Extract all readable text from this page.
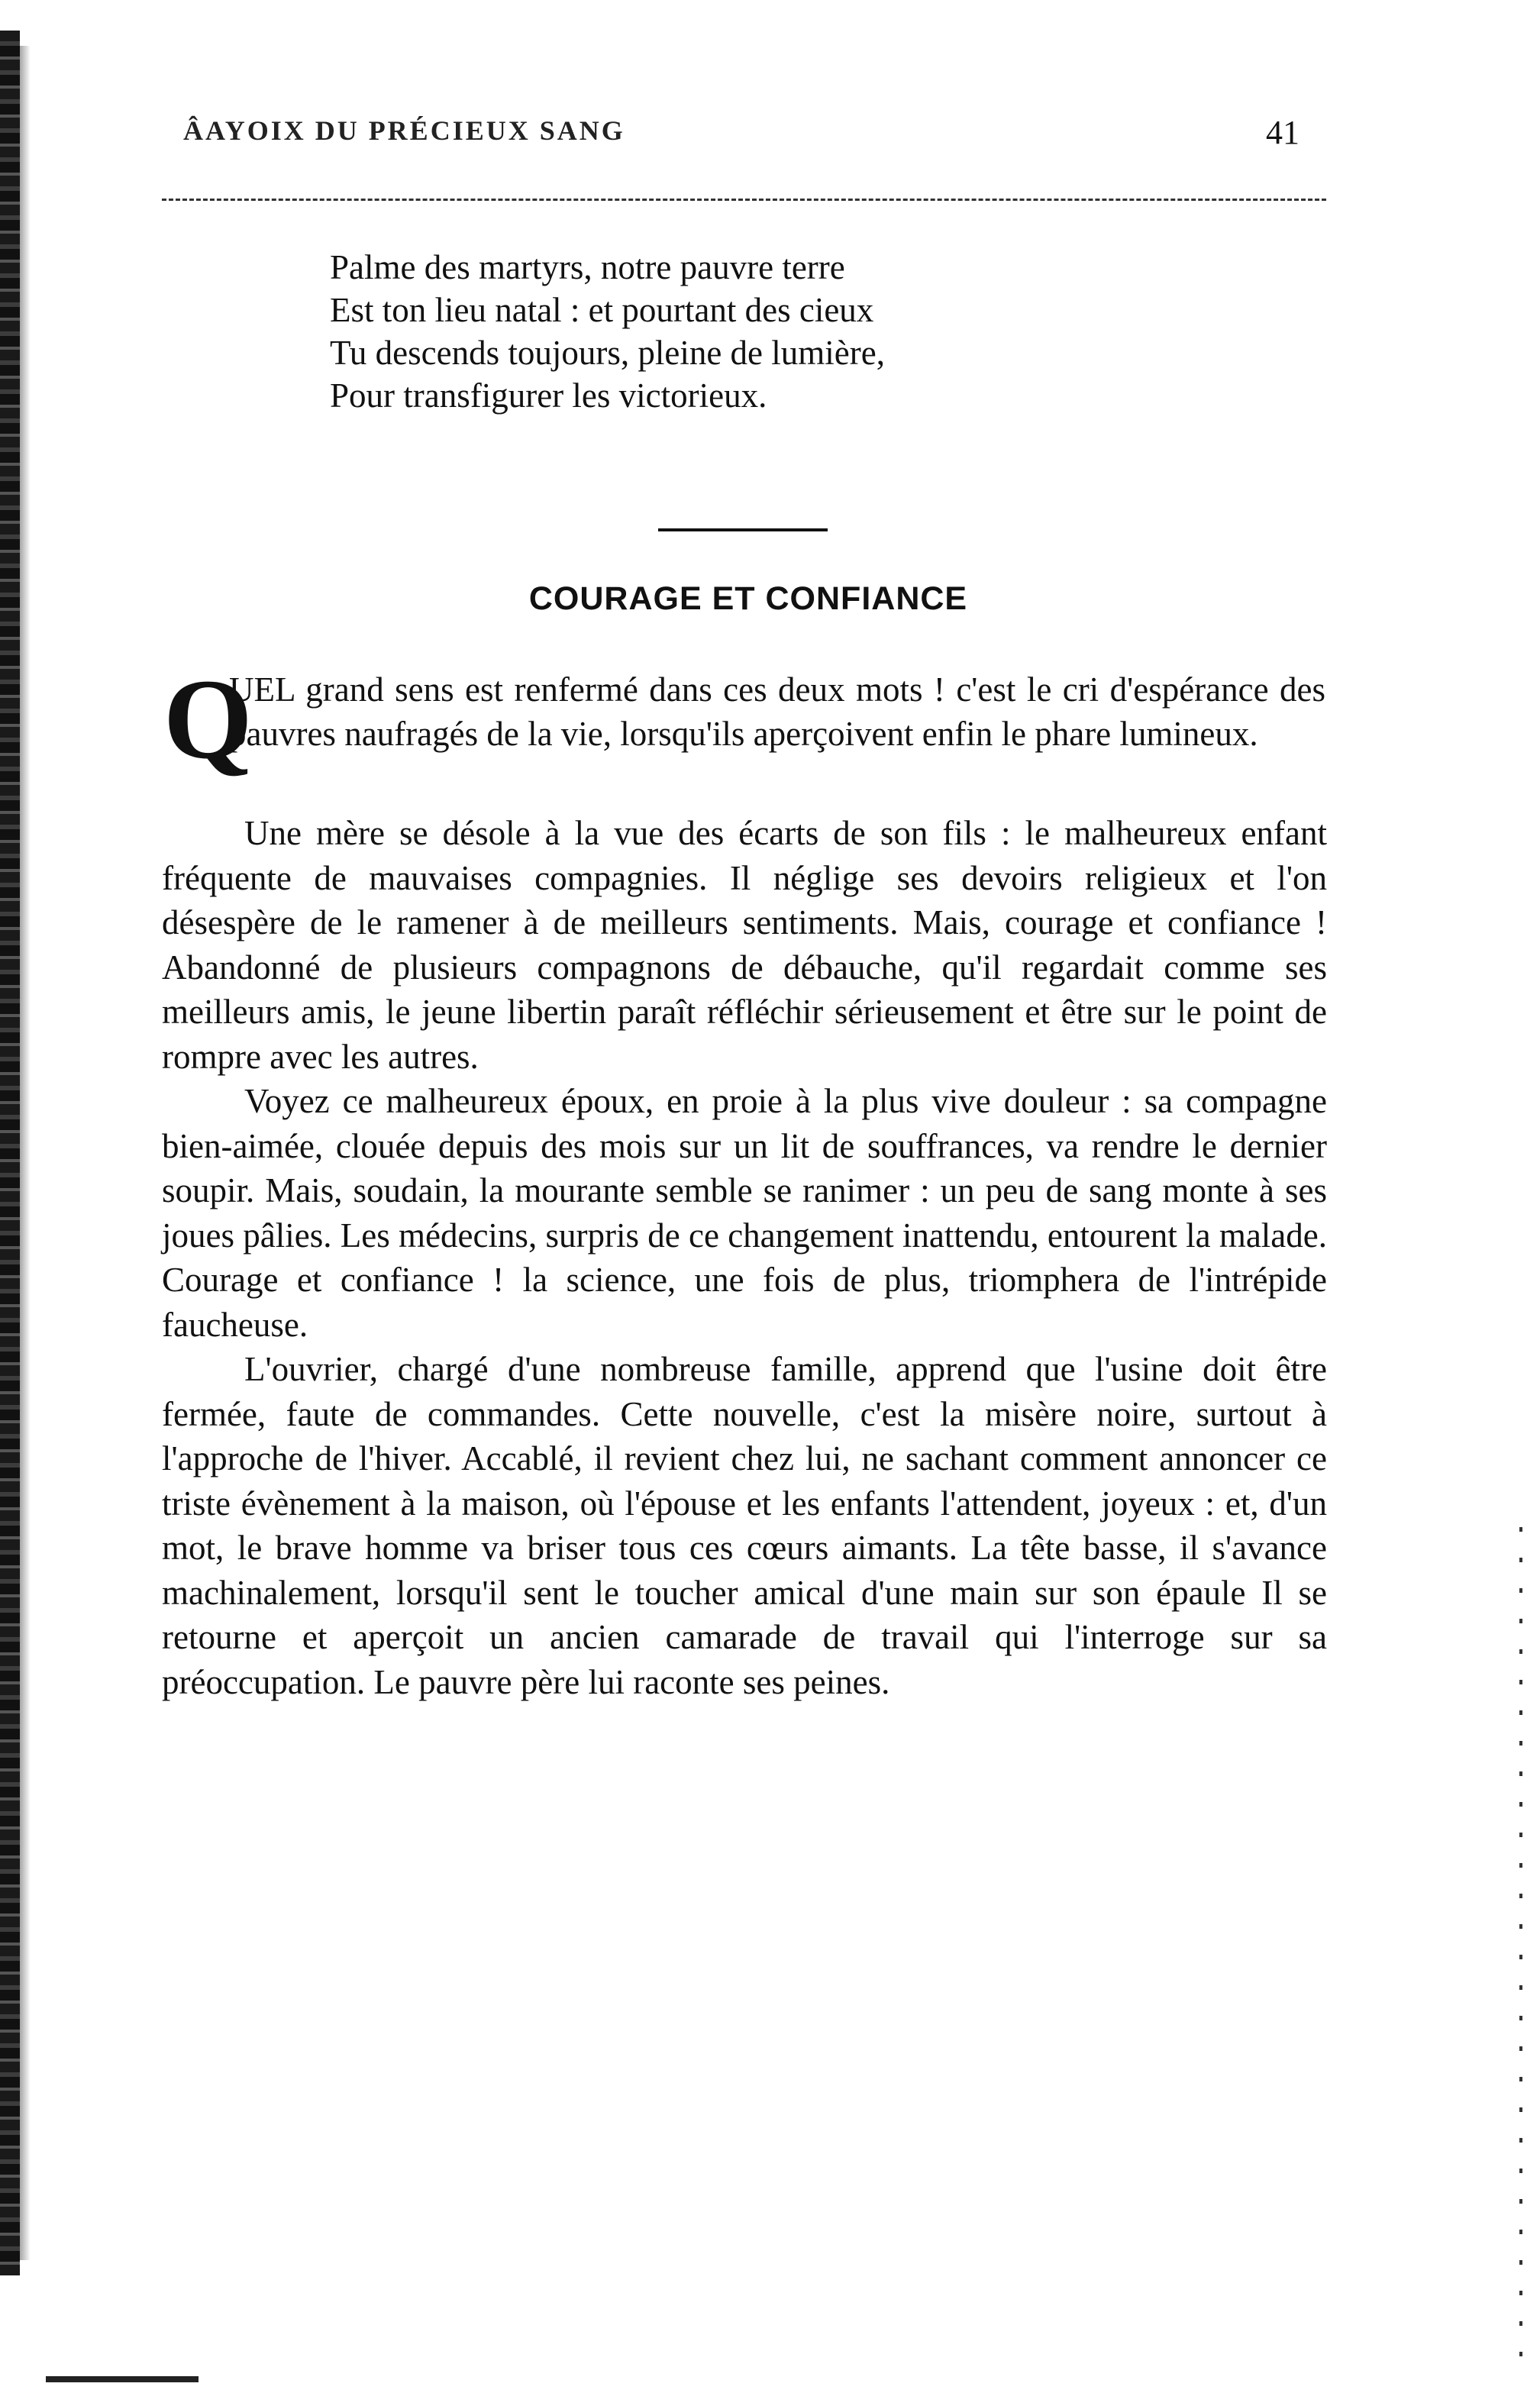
ÂAYOIX DU PRÉCIEUX SANG	41
Palme des martyrs, notre pauvre terre
Est ton lieu natal : et pourtant des cieux
Tu descends toujours, pleine de lumière,
Pour transfigurer les victorieux.
COURAGE ET CONFIANCE
Q
UEL grand sens est renfermé dans ces deux mots ! c'est le cri d'espérance des pauvres naufragés de la vie, lorsqu'ils aperçoivent enfin le phare lumineux.

Une mère se désole à la vue des écarts de son fils : le malheureux enfant fréquente de mauvaises compagnies. Il néglige ses devoirs religieux et l'on désespère de le ramener à de meilleurs sentiments. Mais, courage et confiance ! Abandonné de plusieurs compagnons de débauche, qu'il regardait comme ses meilleurs amis, le jeune libertin paraît réfléchir sérieusement et être sur le point de rompre avec les autres.

Voyez ce malheureux époux, en proie à la plus vive douleur : sa compagne bien-aimée, clouée depuis des mois sur un lit de souffrances, va rendre le dernier soupir. Mais, soudain, la mourante semble se ranimer : un peu de sang monte à ses joues pâlies. Les médecins, surpris de ce changement inattendu, entourent la malade. Courage et confiance ! la science, une fois de plus, triomphera de l'intrépide faucheuse.

L'ouvrier, chargé d'une nombreuse famille, apprend que l'usine doit être fermée, faute de commandes. Cette nouvelle, c'est la misère noire, surtout à l'approche de l'hiver. Accablé, il revient chez lui, ne sachant comment annoncer ce triste évènement à la maison, où l'épouse et les enfants l'attendent, joyeux : et, d'un mot, le brave homme va briser tous ces cœurs aimants. La tête basse, il s'avance machinalement, lorsqu'il sent le toucher amical d'une main sur son épaule Il se retourne et aperçoit un ancien camarade de travail qui l'interroge sur sa préoccupation. Le pauvre père lui raconte ses peines.
